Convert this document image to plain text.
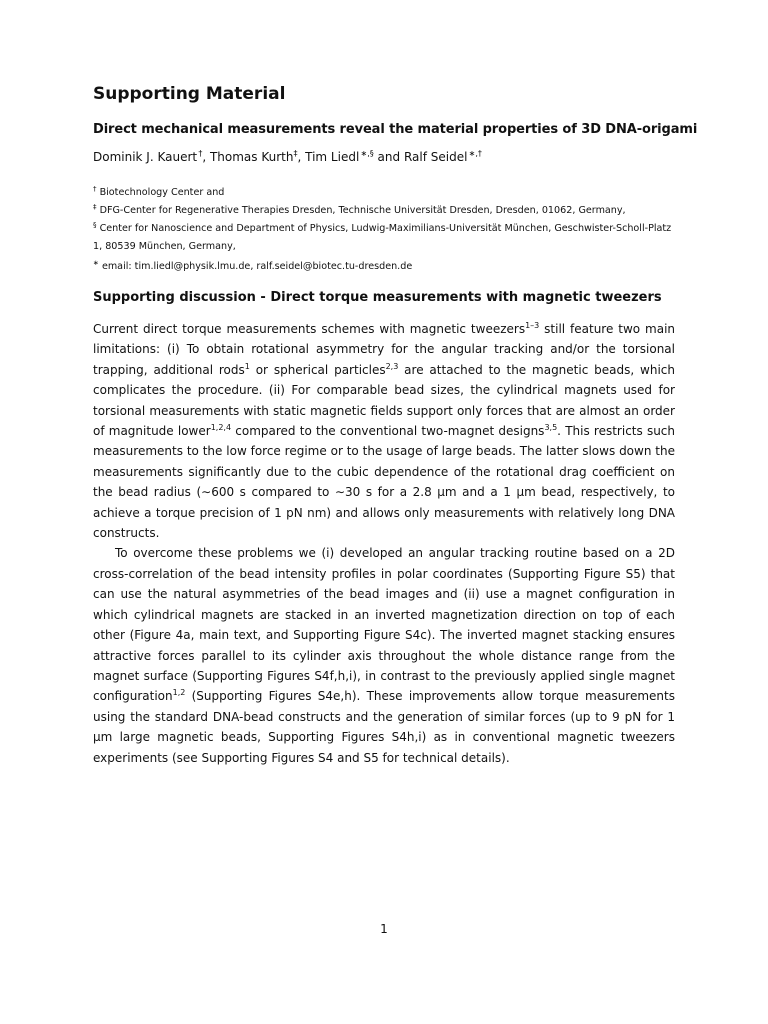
Supporting Material
Direct mechanical measurements reveal the material properties of 3D DNA-origami
Dominik J. Kauert †, Thomas Kurth‡, Tim Liedl ∗,§ and Ralf Seidel ∗,†

† Biotechnology Center and

‡ DFG-Center for Regenerative Therapies Dresden, Technische Universität Dresden, Dresden, 01062, Germany,

§ Center for Nanoscience and Department of Physics, Ludwig-Maximilians-Universität München, Geschwister-Scholl-Platz 1, 80539 München, Germany,

∗ email: tim.liedl@physik.lmu.de, ralf.seidel@biotec.tu-dresden.de

Supporting discussion - Direct torque measurements with magnetic tweezers

Current direct torque measurements schemes with magnetic tweezers$^{1-3}$ still feature two main limitations: (i) To obtain rotational asymmetry for the angular tracking and/or the torsional trapping, additional rods$^1$ or spherical particles$^{2,3}$ are attached to the magnetic beads, which complicates the procedure. (ii) For comparable bead sizes, the cylindrical magnets used for torsional measurements with static magnetic fields support only forces that are almost an order of magnitude lower$^{1,2,4}$ compared to the conventional two-magnet designs$^{3,5}$. This restricts such measurements to the low force regime or to the usage of large beads. The latter slows down the measurements significantly due to the cubic dependence of the rotational drag coefficient on the bead radius (∼600 s compared to ∼30 s for a 2.8 μm and a 1 μm bead, respectively, to achieve a torque precision of 1 pN nm) and allows only measurements with relatively long DNA constructs.

To overcome these problems we (i) developed an angular tracking routine based on a 2D cross-correlation of the bead intensity profiles in polar coordinates (Supporting Figure S5) that can use the natural asymmetries of the bead images and (ii) use a magnet configuration in which cylindrical magnets are stacked in an inverted magnetization direction on top of each other (Figure 4a, main text, and Supporting Figure S4c). The inverted magnet stacking ensures attractive forces parallel to its cylinder axis throughout the whole distance range from the magnet surface (Supporting Figures S4f,h,i), in contrast to the previously applied single magnet configuration$^{1,2}$ (Supporting Figures S4e,h). These improvements allow torque measurements using the standard DNA-bead constructs and the generation of similar forces (up to 9 pN for 1 μm large magnetic beads, Supporting Figures S4h,i) as in conventional magnetic tweezers experiments (see Supporting Figures S4 and S5 for technical details).

1
